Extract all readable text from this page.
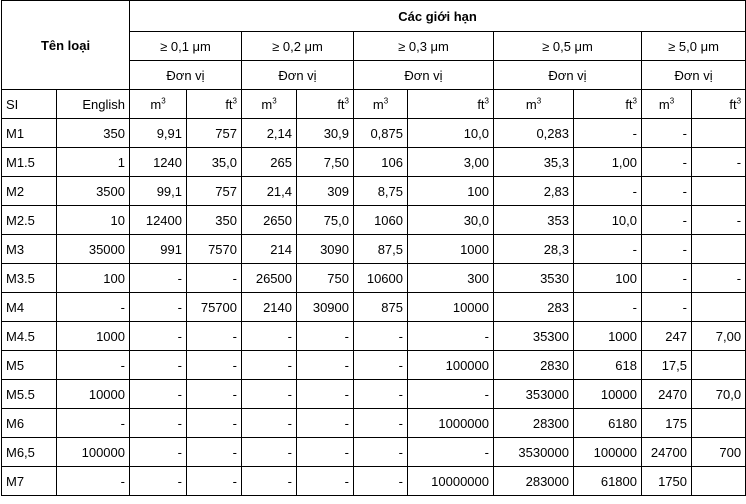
Tên loại		Các giới hạn									
		≥ 0,1 μm		≥ 0,2 μm		≥ 0,3 μm		≥ 0,5 μm		≥ 5,0 μm	
		Đơn vị		Đơn vị		Đơn vị		Đơn vị		Đơn vị	
SI	English	$m^3$	$ft^3$	$m^3$	$ft^3$	$m^3$	$ft^3$	$m^3$	$ft^3$	$m^3$	$ft^3$
M1	350	9,91	757	2,14	30,9	0,875	10,0	0,283	-	-	
M1.5	1	1240	35,0	265	7,50	106	3,00	35,3	1,00	-	-
M2	3500	99,1	757	21,4	309	8,75	100	2,83	-	-	
M2.5	10	12400	350	2650	75,0	1060	30,0	353	10,0	-	-
M3	35000	991	7570	214	3090	87,5	1000	28,3	-	-	
M3.5	100	-	-	26500	750	10600	300	3530	100	-	-
M4	-	-	75700	2140	30900	875	10000	283	-	-	
M4.5	1000	-	-	-	-	-	-	35300	1000	247	7,00
M5	-	-	-	-	-	-	100000	2830	618	17,5	
M5.5	10000	-	-	-	-	-	-	353000	10000	2470	70,0
M6	-	-	-	-	-	-	1000000	28300	6180	175	
M6,5	100000	-	-	-	-	-	-	3530000	100000	24700	700
M7	-	-	-	-	-	-	10000000	283000	61800	1750	
